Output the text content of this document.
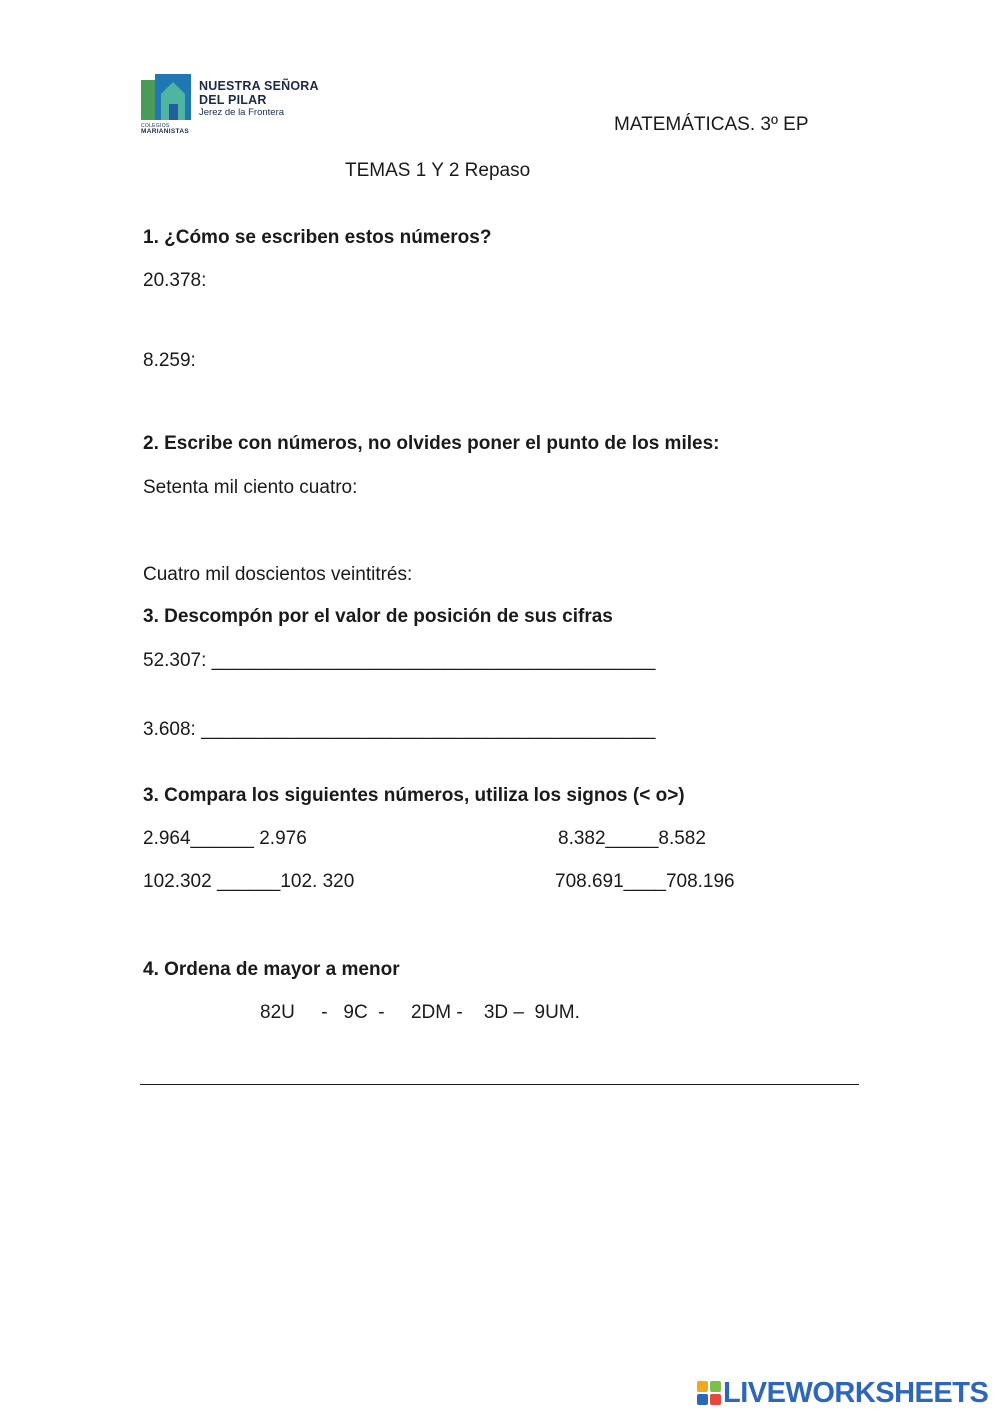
NUESTRA SEÑORA
DEL PILAR
Jerez de la Frontera
COLEGIOS
MARIANISTAS	MATEMÁTICAS. 3º EP
TEMAS 1 Y 2 Repaso
1. ¿Cómo se escriben estos números?
20.378:
8.259:
2. Escribe con números, no olvides poner el punto de los miles:
Setenta mil ciento cuatro:
Cuatro mil doscientos veintitrés:
3. Descompón por el valor de posición de sus cifras
52.307: __________________________________________
3.608: ___________________________________________
3. Compara los siguientes números, utiliza los signos (< o>)
2.964______ 2.976
102.302 ______102. 320
8.382_____8.582
708.691____708.196
4. Ordena de mayor a menor
82U     -   9C  -     2DM -    3D –  9UM.
LIVEWORKSHEETS
